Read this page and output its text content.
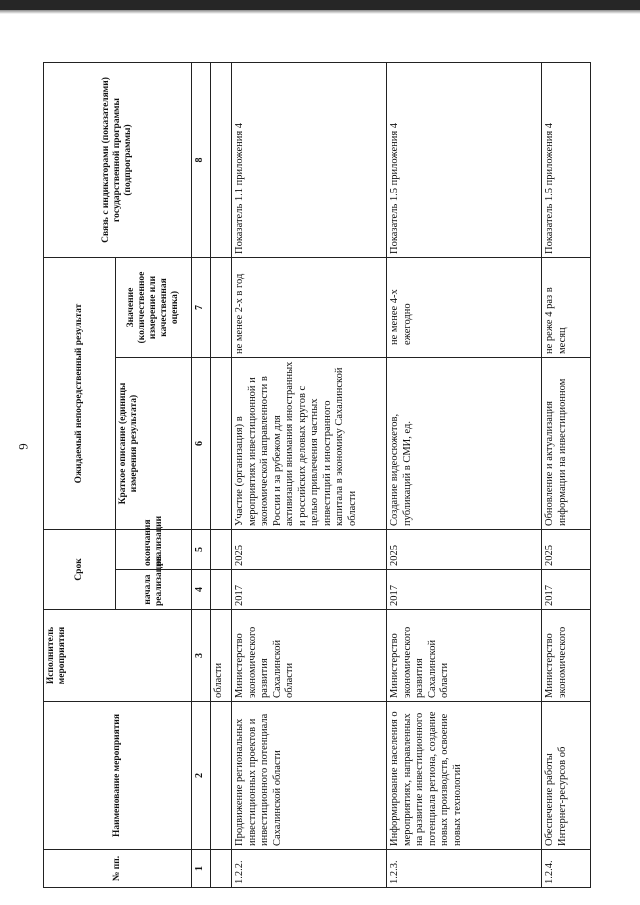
6
№ пп.	Наименование мероприятия	Исполнитель мероприятия	Срок		Ожидаемый непосредственный результат		Связь с индикаторами (показателями) государственной программы (подпрограммы)
			начала реализации	окончания реализации	Краткое описание (единицы измерения результата)	Значение (количественное измерение или качественная оценка)	
1	2	3	4	5	6	7	8
		области					
1.2.2.	Продвижение региональных инвестиционных проектов и инвестиционного потенциала Сахалинской области	Министерство экономического развития Сахалинской области	2017	2025	Участие (организация) в мероприятиях инвестиционной и экономической направленности в России и за рубежом для активизации внимания иностранных и российских деловых кругов с целью привлечения частных инвестиций и иностранного капитала в экономику Сахалинской области	не менее 2-х в год	Показатель 1.1 приложения 4
1.2.3.	Информирование населения о мероприятиях, направленных на развитие инвестиционного потенциала региона, создание новых производств, освоение новых технологий	Министерство экономического развития Сахалинской области	2017	2025	Создание видеосюжетов, публикаций в СМИ, ед.	не менее 4-х ежегодно	Показатель 1.5 приложения 4
1.2.4.	Обеспечение работы Интернет-ресурсов об	Министерство экономического	2017	2025	Обновление и актуализация информации на инвестиционном	не реже 4 раз в месяц	Показатель 1.5 приложения 4
